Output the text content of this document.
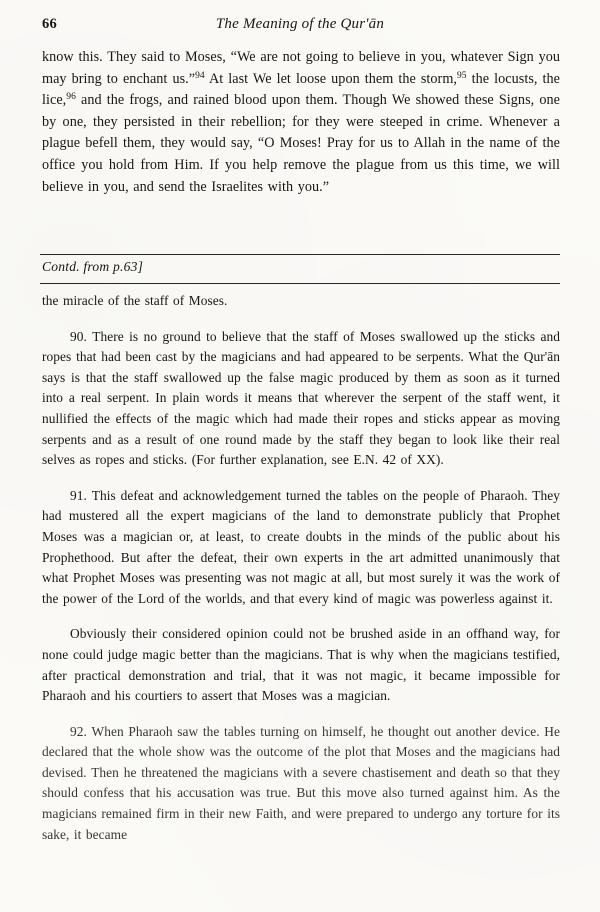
66	The Meaning of the Qur'ān

know this. They said to Moses, “We are not going to believe in you, whatever Sign you may bring to enchant us.”$^{94}$ At last We let loose upon them the storm,$^{95}$ the locusts, the lice,$^{96}$ and the frogs, and rained blood upon them. Though We showed these Signs, one by one, they persisted in their rebellion; for they were steeped in crime. Whenever a plague befell them, they would say, “O Moses! Pray for us to Allah in the name of the office you hold from Him. If you help remove the plague from us this time, we will believe in you, and send the Israelites with you.”

Contd. from p.63]

the miracle of the staff of Moses.

90. There is no ground to believe that the staff of Moses swallowed up the sticks and ropes that had been cast by the magicians and had appeared to be serpents. What the Qur'ān says is that the staff swallowed up the false magic produced by them as soon as it turned into a real serpent. In plain words it means that wherever the serpent of the staff went, it nullified the effects of the magic which had made their ropes and sticks appear as moving serpents and as a result of one round made by the staff they began to look like their real selves as ropes and sticks. (For further explanation, see E.N. 42 of XX).

91. This defeat and acknowledgement turned the tables on the people of Pharaoh. They had mustered all the expert magicians of the land to demonstrate publicly that Prophet Moses was a magician or, at least, to create doubts in the minds of the public about his Prophethood. But after the defeat, their own experts in the art admitted unanimously that what Prophet Moses was presenting was not magic at all, but most surely it was the work of the power of the Lord of the worlds, and that every kind of magic was powerless against it.

Obviously their considered opinion could not be brushed aside in an offhand way, for none could judge magic better than the magicians. That is why when the magicians testified, after practical demonstration and trial, that it was not magic, it became impossible for Pharaoh and his courtiers to assert that Moses was a magician.

92. When Pharaoh saw the tables turning on himself, he thought out another device. He declared that the whole show was the outcome of the plot that Moses and the magicians had devised. Then he threatened the magicians with a severe chastisement and death so that they should confess that his accusation was true. But this move also turned against him. As the magicians remained firm in their new Faith, and were prepared to undergo any torture for its sake, it became
